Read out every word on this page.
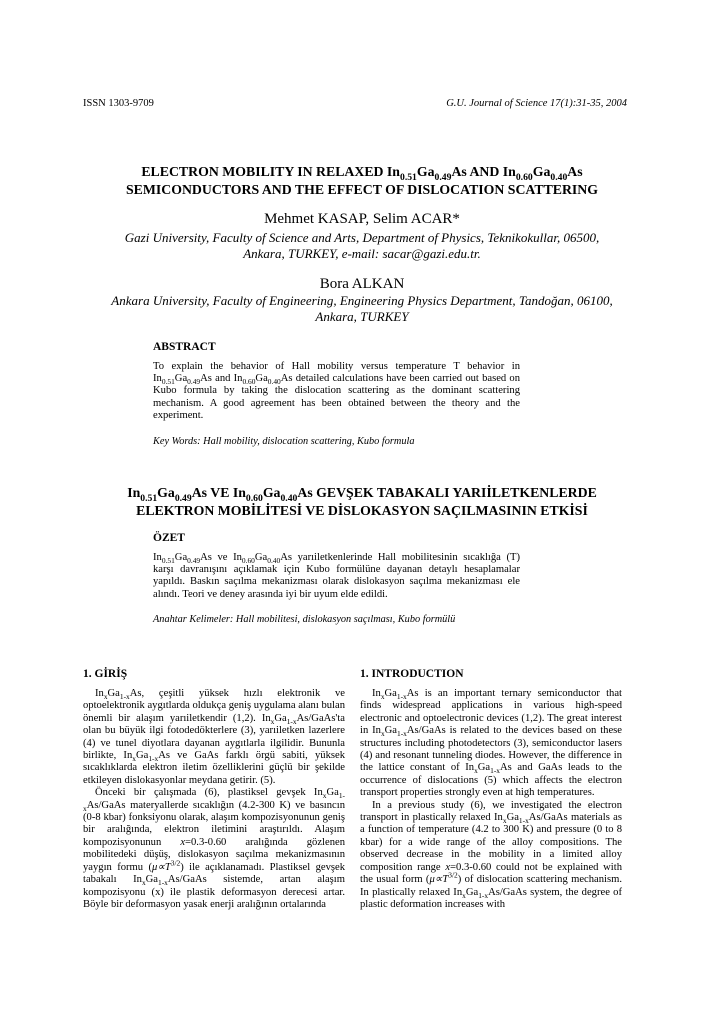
ISSN 1303-9709	G.U. Journal of Science 17(1):31-35, 2004
ELECTRON MOBILITY IN RELAXED $In_{0.51}Ga_{0.49}As$ AND $In_{0.60}Ga_{0.40}As$
SEMICONDUCTORS AND THE EFFECT OF DISLOCATION SCATTERING
Mehmet KASAP, Selim ACAR*
Gazi University, Faculty of Science and Arts, Department of Physics, Teknikokullar, 06500,
Ankara, TURKEY, e-mail: sacar@gazi.edu.tr.
Bora ALKAN
Ankara University, Faculty of Engineering, Engineering Physics Department, Tandoğan, 06100,
Ankara, TURKEY
ABSTRACT
To explain the behavior of Hall mobility versus temperature T behavior in $In_{0.51}Ga_{0.49}As$ and $In_{0.60}Ga_{0.40}As$ detailed calculations have been carried out based on Kubo formula by taking the dislocation scattering as the dominant scattering mechanism. A good agreement has been obtained between the theory and the experiment.
Key Words: Hall mobility, dislocation scattering, Kubo formula
$In_{0.51}Ga_{0.49}As$ VE $In_{0.60}Ga_{0.40}As$ GEVŞEK TABAKALI YARIİLETKENLERDE
ELEKTRON MOBİLİTESİ VE DİSLOKASYON SAÇILMASININ ETKİSİ
ÖZET
$In_{0.51}Ga_{0.49}As$ ve $In_{0.60}Ga_{0.40}As$ yarıiletkenlerinde Hall mobilitesinin sıcaklığa (T) karşı davranışını açıklamak için Kubo formülüne dayanan detaylı hesaplamalar yapıldı. Baskın saçılma mekanizması olarak dislokasyon saçılma mekanizması ele alındı. Teori ve deney arasında iyi bir uyum elde edildi.
Anahtar Kelimeler: Hall mobilitesi, dislokasyon saçılması, Kubo formülü
1. GİRİŞ

$In_xGa_{1-x}As$, çeşitli yüksek hızlı elektronik ve optoelektronik aygıtlarda oldukça geniş uygulama alanı bulan önemli bir alaşım yarıiletkendir (1,2). $In_xGa_{1-x}As/GaAs'ta$ olan bu büyük ilgi fotodedökterlere (3), yarıiletken lazerlere (4) ve tunel diyotlara dayanan aygıtlarla ilgilidir. Bununla birlikte, $In_xGa_{1-x}As$ ve GaAs farklı örgü sabiti, yüksek sıcaklıklarda elektron iletim özelliklerini güçlü bir şekilde etkileyen dislokasyonlar meydana getirir. (5).

Önceki bir çalışmada (6), plastiksel gevşek $In_xGa_{1-x}As$/GaAs materyallerde sıcaklığın (4.2-300 K) ve basıncın (0-8 kbar) fonksiyonu olarak, alaşım kompozisyonunun geniş bir aralığında, elektron iletimini araştırıldı. Alaşım kompozisyonunun x=0.3-0.60 aralığında gözlenen mobilitedeki düşüş, dislokasyon saçılma mekanizmasının yaygın formu $(\mu\propto T^{3/2})$ ile açıklanamadı. Plastiksel gevşek tabakalı $In_xGa_{1-x}As$/GaAs sistemde, artan alaşım kompozisyonu (x) ile plastik deformasyon derecesi artar. Böyle bir deformasyon yasak enerji aralığının ortalarında

1. INTRODUCTION

$In_xGa_{1-x}As$ is an important ternary semiconductor that finds widespread applications in various high-speed electronic and optoelectronic devices (1,2). The great interest in $In_xGa_{1-x}As$/GaAs is related to the devices based on these structures including photodetectors (3), semiconductor lasers (4) and resonant tunneling diodes. However, the difference in the lattice constant of $In_xGa_{1-x}As$ and GaAs leads to the occurrence of dislocations (5) which affects the electron transport properties strongly even at high temperatures.

In a previous study (6), we investigated the electron transport in plastically relaxed $In_xGa_{1-x}As$/GaAs materials as a function of temperature (4.2 to 300 K) and pressure (0 to 8 kbar) for a wide range of the alloy compositions. The observed decrease in the mobility in a limited alloy composition range x=0.3-0.60 could not be explained with the usual form $(\mu\propto T^{3/2})$ of dislocation scattering mechanism. In plastically relaxed $In_xGa_{1-x}As$/GaAs system, the degree of plastic deformation increases with
